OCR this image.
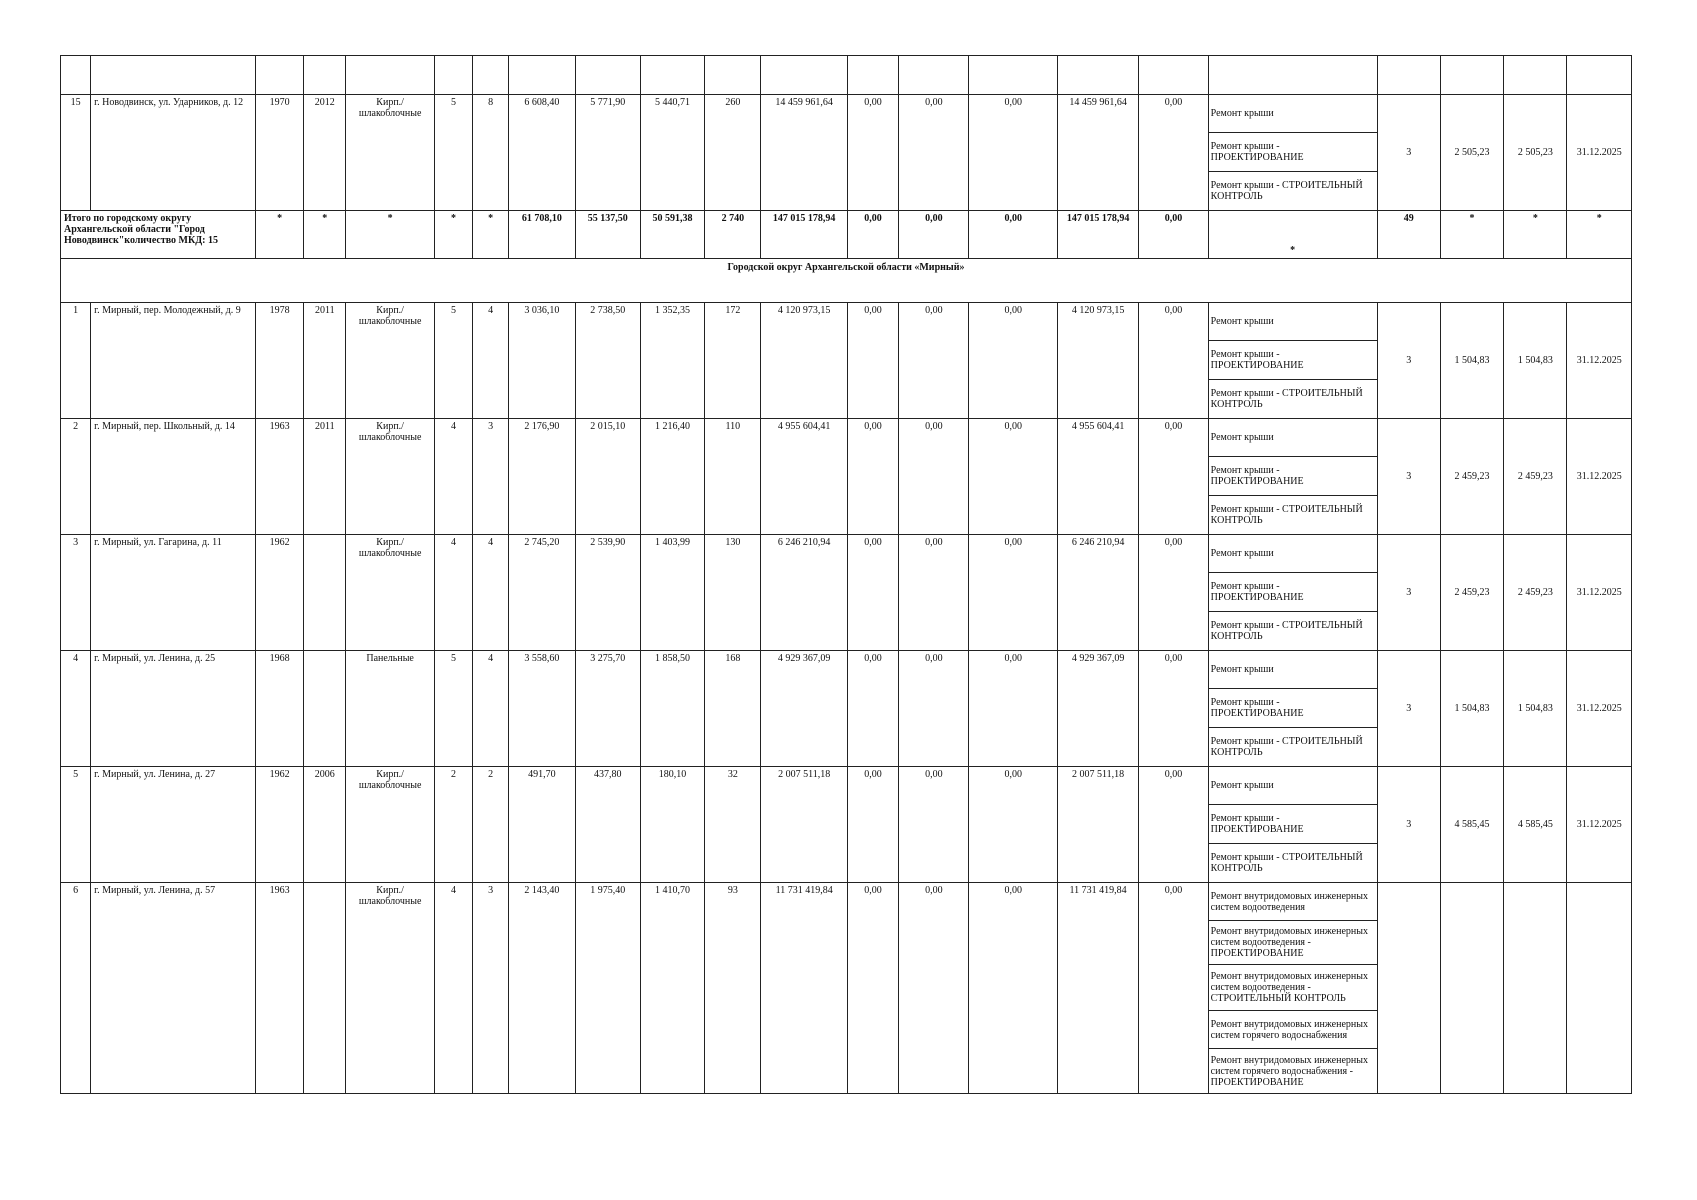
15	г. Новодвинск, ул. Ударников, д. 12	1970	2012	Кирп./ шлакоблочные	5	8	6 608,40	5 771,90	5 440,71	260	14 459 961,64	0,00	0,00	0,00	14 459 961,64	0,00	Ремонт крыши
Ремонт крыши - ПРОЕКТИРОВАНИЕ
Ремонт крыши - СТРОИТЕЛЬНЫЙ КОНТРОЛЬ	3	2 505,23	2 505,23	31.12.2025
Итого по городскому округу Архангельской области "Город Новодвинск"количество МКД: 15		*	*	*	*	*	61 708,10	55 137,50	50 591,38	2 740	147 015 178,94	0,00	0,00	0,00	147 015 178,94	0,00	*	49	*	*	*
Городской округ Архангельской области «Мирный»																					
1	г. Мирный, пер. Молодежный, д. 9	1978	2011	Кирп./ шлакоблочные	5	4	3 036,10	2 738,50	1 352,35	172	4 120 973,15	0,00	0,00	0,00	4 120 973,15	0,00	Ремонт крыши
Ремонт крыши - ПРОЕКТИРОВАНИЕ
Ремонт крыши - СТРОИТЕЛЬНЫЙ КОНТРОЛЬ	3	1 504,83	1 504,83	31.12.2025
2	г. Мирный, пер. Школьный, д. 14	1963	2011	Кирп./ шлакоблочные	4	3	2 176,90	2 015,10	1 216,40	110	4 955 604,41	0,00	0,00	0,00	4 955 604,41	0,00	Ремонт крыши
Ремонт крыши - ПРОЕКТИРОВАНИЕ
Ремонт крыши - СТРОИТЕЛЬНЫЙ КОНТРОЛЬ	3	2 459,23	2 459,23	31.12.2025
3	г. Мирный, ул. Гагарина, д. 11	1962		Кирп./ шлакоблочные	4	4	2 745,20	2 539,90	1 403,99	130	6 246 210,94	0,00	0,00	0,00	6 246 210,94	0,00	Ремонт крыши
Ремонт крыши - ПРОЕКТИРОВАНИЕ
Ремонт крыши - СТРОИТЕЛЬНЫЙ КОНТРОЛЬ	3	2 459,23	2 459,23	31.12.2025
4	г. Мирный, ул. Ленина, д. 25	1968		Панельные	5	4	3 558,60	3 275,70	1 858,50	168	4 929 367,09	0,00	0,00	0,00	4 929 367,09	0,00	Ремонт крыши
Ремонт крыши - ПРОЕКТИРОВАНИЕ
Ремонт крыши - СТРОИТЕЛЬНЫЙ КОНТРОЛЬ	3	1 504,83	1 504,83	31.12.2025
5	г. Мирный, ул. Ленина, д. 27	1962	2006	Кирп./ шлакоблочные	2	2	491,70	437,80	180,10	32	2 007 511,18	0,00	0,00	0,00	2 007 511,18	0,00	Ремонт крыши
Ремонт крыши - ПРОЕКТИРОВАНИЕ
Ремонт крыши - СТРОИТЕЛЬНЫЙ КОНТРОЛЬ	3	4 585,45	4 585,45	31.12.2025
6	г. Мирный, ул. Ленина, д. 57	1963		Кирп./ шлакоблочные	4	3	2 143,40	1 975,40	1 410,70	93	11 731 419,84	0,00	0,00	0,00	11 731 419,84	0,00	Ремонт внутридомовых инженерных систем водоотведения
Ремонт внутридомовых инженерных систем водоотведения - ПРОЕКТИРОВАНИЕ
Ремонт внутридомовых инженерных систем водоотведения - СТРОИТЕЛЬНЫЙ КОНТРОЛЬ
Ремонт внутридомовых инженерных систем горячего водоснабжения
Ремонт внутридомовых инженерных систем горячего водоснабжения - ПРОЕКТИРОВАНИЕ				
